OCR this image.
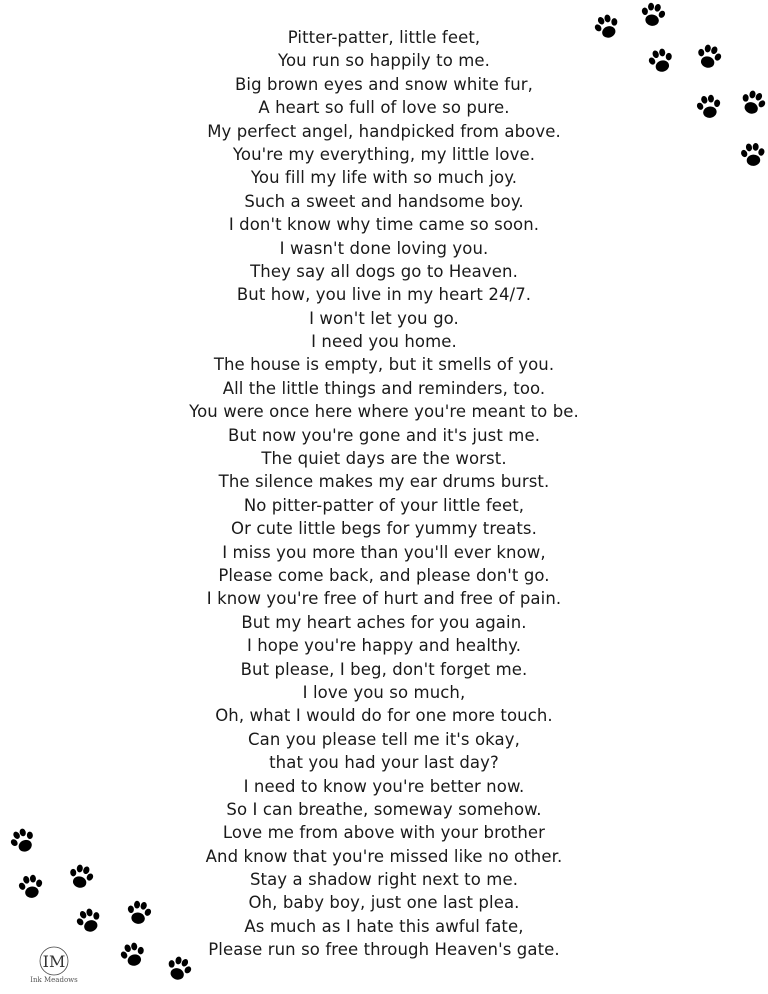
Pitter-patter, little feet,
You run so happily to me.
Big brown eyes and snow white fur,
A heart so full of love so pure.
My perfect angel, handpicked from above.
You're my everything, my little love.
You fill my life with so much joy.
Such a sweet and handsome boy.
I don't know why time came so soon.
I wasn't done loving you.
They say all dogs go to Heaven.
But how, you live in my heart 24/7.
I won't let you go.
I need you home.
The house is empty, but it smells of you.
All the little things and reminders, too.
You were once here where you're meant to be.
But now you're gone and it's just me.
The quiet days are the worst.
The silence makes my ear drums burst.
No pitter-patter of your little feet,
Or cute little begs for yummy treats.
I miss you more than you'll ever know,
Please come back, and please don't go.
I know you're free of hurt and free of pain.
But my heart aches for you again.
I hope you're happy and healthy.
But please, I beg, don't forget me.
I love you so much,
Oh, what I would do for one more touch.
Can you please tell me it's okay,
that you had your last day?
I need to know you're better now.
So I can breathe, someway somehow.
Love me from above with your brother
And know that you're missed like no other.
Stay a shadow right next to me.
Oh, baby boy, just one last plea.
As much as I hate this awful fate,
Please run so free through Heaven's gate.
IM
Ink Meadows
